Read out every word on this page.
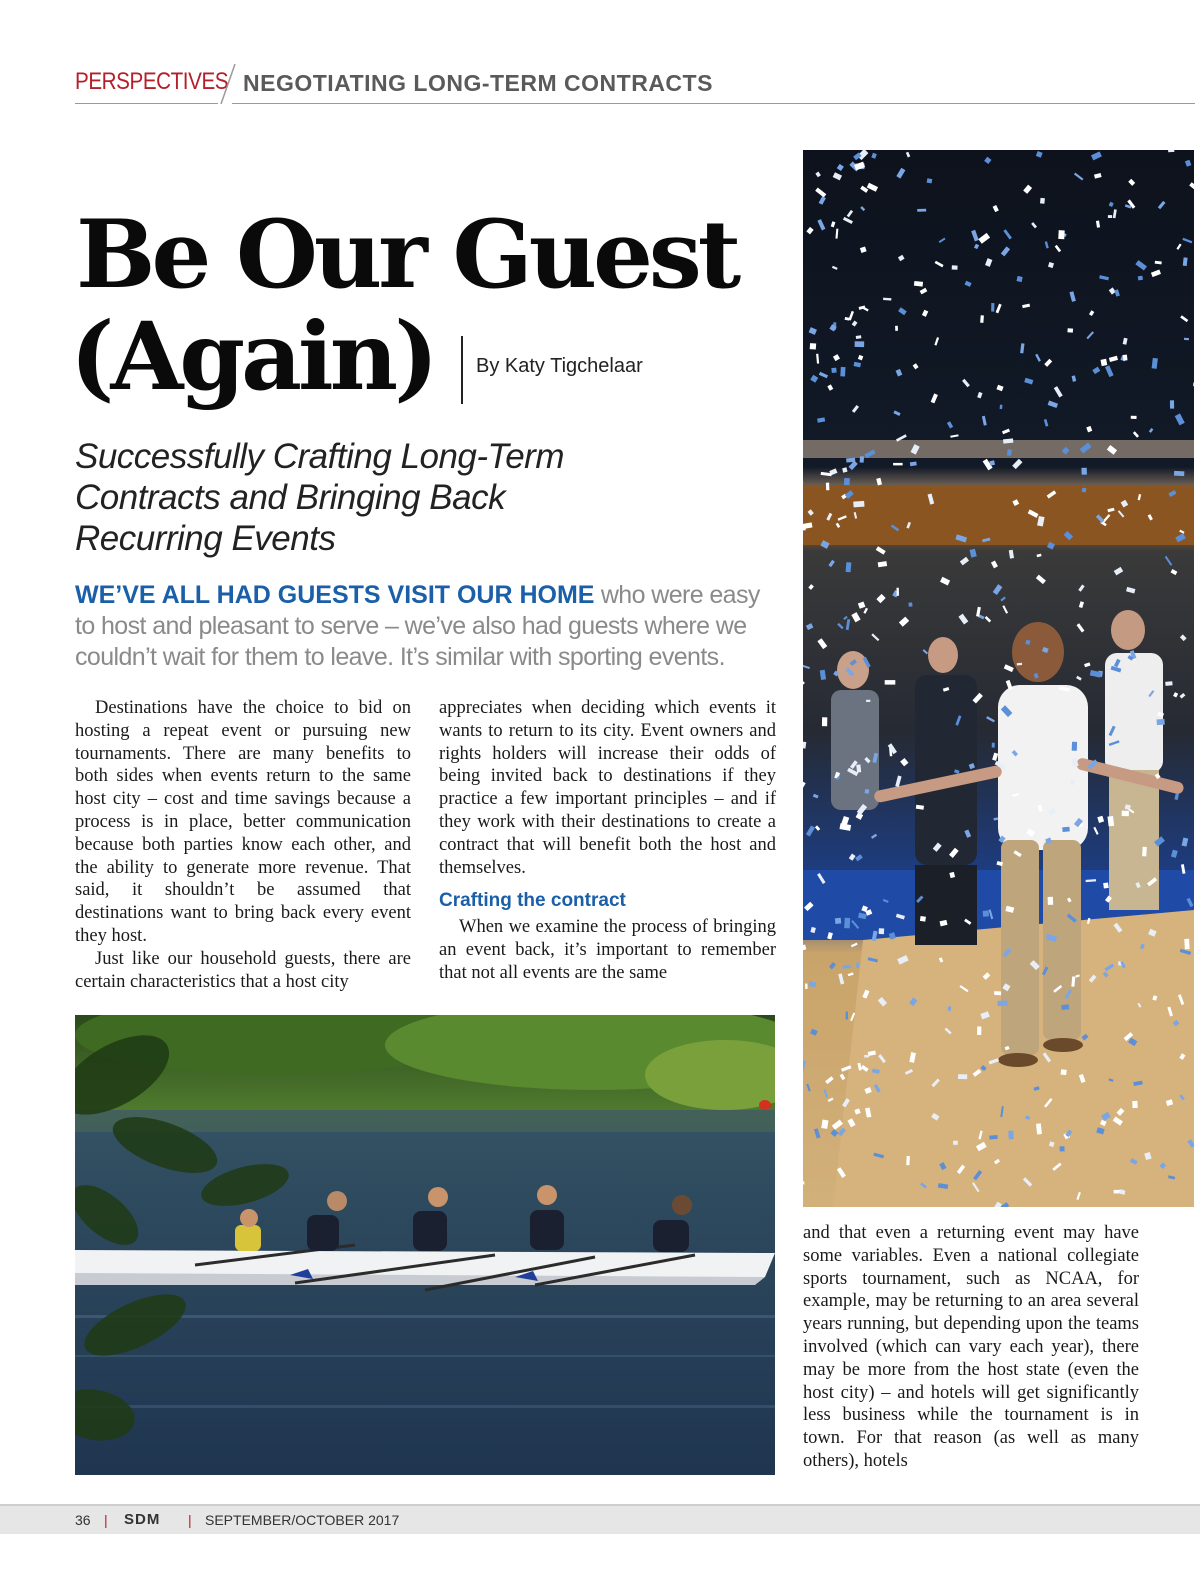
PERSPECTIVES NEGOTIATING LONG-TERM CONTRACTS
Be Our Guest
(Again) By Katy Tigchelaar
Successfully Crafting Long-Term Contracts and Bringing Back Recurring Events
WE’VE ALL HAD GUESTS VISIT OUR HOME who were easy to host and pleasant to serve – we’ve also had guests where we couldn’t wait for them to leave. It’s similar with sporting events.

Destinations have the choice to bid on hosting a repeat event or pursuing new tournaments. There are many benefits to both sides when events return to the same host city – cost and time savings because a process is in place, better communication because both parties know each other, and the ability to generate more revenue. That said, it shouldn’t be assumed that destinations want to bring back every event they host.

Just like our household guests, there are certain characteristics that a host city

appreciates when deciding which events it wants to return to its city. Event owners and rights holders will increase their odds of being invited back to destinations if they practice a few important principles – and if they work with their destinations to create a contract that will benefit both the host and themselves.

Crafting the contract

When we examine the process of bringing an event back, it’s important to remember that not all events are the same

and that even a returning event may have some variables. Even a national collegiate sports tournament, such as NCAA, for example, may be returning to an area several years running, but depending upon the teams involved (which can vary each year), there may be more from the host state (even the host city) – and hotels will get significantly less business while the tournament is in town. For that reason (as well as many others), hotels

36 | SDM | SEPTEMBER/OCTOBER 2017
